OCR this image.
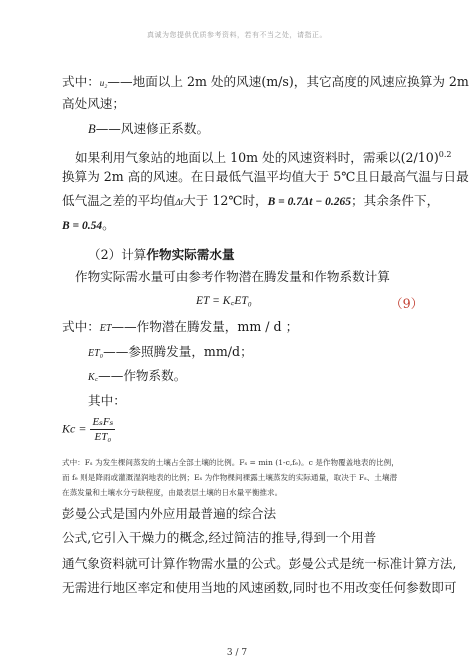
真诚为您提供优质参考资料，若有不当之处，请指正。
式中：u₂——地面以上 2m 处的风速(m/s)，其它高度的风速应换算为 2m
高处风速；
B——风速修正系数。
如果利用气象站的地面以上 10m 处的风速资料时，需乘以$(2/10)^{0.2}$
换算为 2m 高的风速。在日最低气温平均值大于 5℃且日最高气温与日最
低气温之差的平均值Δt大于 12℃时，B = 0.7Δt − 0.265；其余条件下，
B = 0.54。
（2）计算作物实际需水量
作物实际需水量可由参考作物潜在腾发量和作物系数计算
ET = K꜀ET₀	（9）
式中：ET——作物潜在腾发量，mm / d ；
ET₀——参照腾发量，mm/d；
K꜀——作物系数。
其中：
$Kc = \frac{\text{EₛFₛ}}{\text{ET₀}}$
式中：Fₛ 为发生棵间蒸发的土壤占全部土壤的比例。Fₛ = min (1-c,fₑ)。c 是作物覆盖地表的比例，
而 fₑ 则是降雨或灌溉湿润地表的比例；Eₛ 为作物棵间裸露土壤蒸发的实际通量，取决于 Fₛ、土壤潜
在蒸发量和土壤水分亏缺程度，由最表层土壤的日水量平衡推求。
彭曼公式是国内外应用最普遍的综合法
公式,它引入干燥力的概念,经过简洁的推导,得到一个用普
通气象资料就可计算作物需水量的公式。彭曼公式是统一标准计算方法,
无需进行地区率定和使用当地的风速函数,同时也不用改变任何参数即可
3 / 7
